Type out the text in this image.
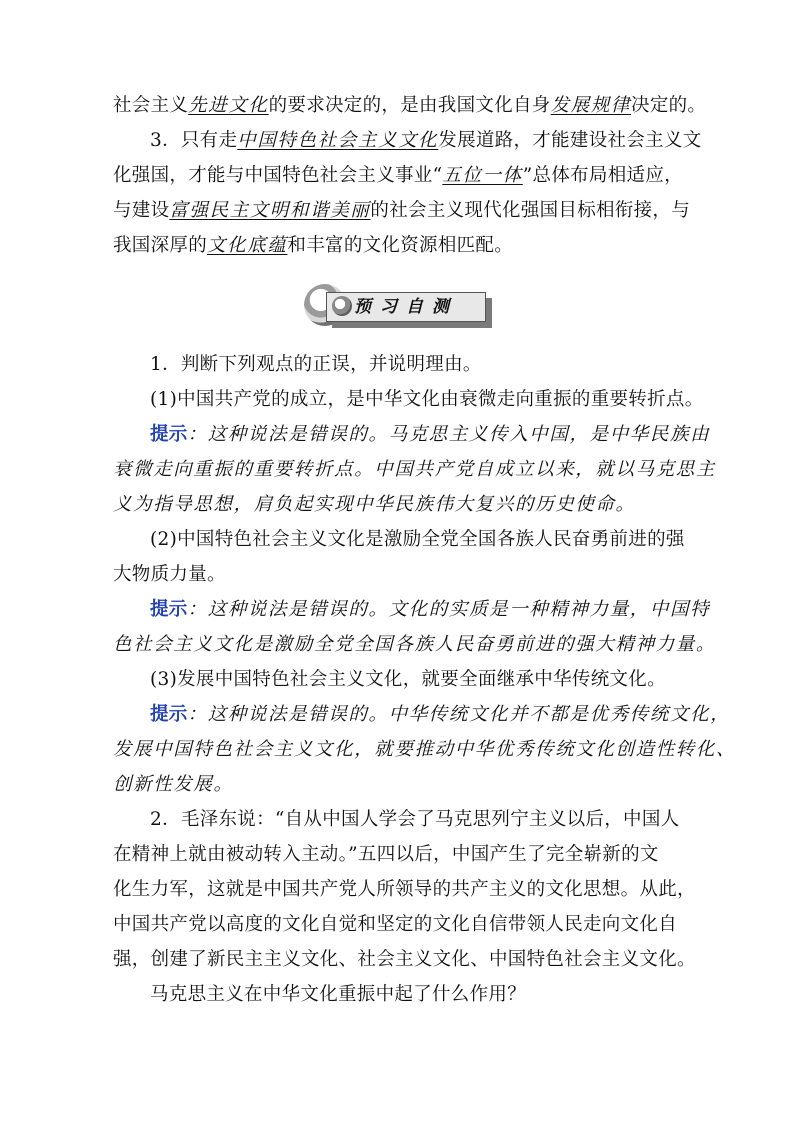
社会主义先进文化的要求决定的，是由我国文化自身发展规律决定的。
3．只有走中国特色社会主义文化发展道路，才能建设社会主义文
化强国，才能与中国特色社会主义事业“五位一体”总体布局相适应，
与建设富强民主文明和谐美丽的社会主义现代化强国目标相衔接，与
我国深厚的文化底蕴和丰富的文化资源相匹配。
预习自测
1．判断下列观点的正误，并说明理由。
(1)中国共产党的成立，是中华文化由衰微走向重振的重要转折点。
提示：这种说法是错误的。马克思主义传入中国，是中华民族由
衰微走向重振的重要转折点。中国共产党自成立以来，就以马克思主
义为指导思想，肩负起实现中华民族伟大复兴的历史使命。
(2)中国特色社会主义文化是激励全党全国各族人民奋勇前进的强
大物质力量。
提示：这种说法是错误的。文化的实质是一种精神力量，中国特
色社会主义文化是激励全党全国各族人民奋勇前进的强大精神力量。
(3)发展中国特色社会主义文化，就要全面继承中华传统文化。
提示：这种说法是错误的。中华传统文化并不都是优秀传统文化，
发展中国特色社会主义文化，就要推动中华优秀传统文化创造性转化、
创新性发展。
2．毛泽东说：“自从中国人学会了马克思列宁主义以后，中国人
在精神上就由被动转入主动。”五四以后，中国产生了完全崭新的文
化生力军，这就是中国共产党人所领导的共产主义的文化思想。从此，
中国共产党以高度的文化自觉和坚定的文化自信带领人民走向文化自
强，创建了新民主主义文化、社会主义文化、中国特色社会主义文化。
马克思主义在中华文化重振中起了什么作用？
